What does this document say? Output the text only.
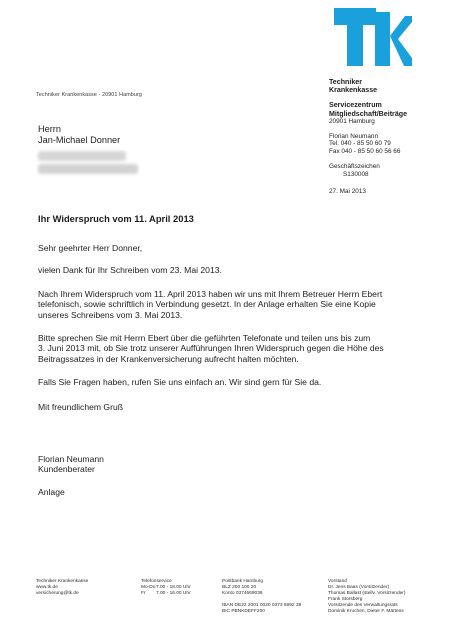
Techniker Krankenkasse · 20901 Hamburg
Herrn
Jan-Michael Donner
Techniker
Krankenkasse
Servicezentrum
Mitgliedschaft/Beiträge
20901 Hamburg
Florian Neumann
Tel. 040 - 85 50 60 79
Fax 040 - 85 50 60 56 66
Geschäftszeichen
S130008
27. Mai 2013
Ihr Widerspruch vom 11. April 2013

Sehr geehrter Herr Donner,

vielen Dank für Ihr Schreiben vom 23. Mai 2013.

Nach Ihrem Widerspruch vom 11. April 2013 haben wir uns mit Ihrem Betreuer Herrn Ebert

telefonisch, sowie schriftlich in Verbindung gesetzt. In der Anlage erhalten Sie eine Kopie

unseres Schreibens vom 3. Mai 2013.

Bitte sprechen Sie mit Herrn Ebert über die geführten Telefonate und teilen uns bis zum

3. Juni 2013 mit, ob Sie trotz unserer Aufführungen Ihren Widerspruch gegen die Höhe des

Beitragssatzes in der Krankenversicherung aufrecht halten möchten.

Falls Sie Fragen haben, rufen Sie uns einfach an. Wir sind gern für Sie da.

Mit freundlichem Gruß

Florian Neumann

Kundenberater

Anlage

Techniker Krankenkasse
www.tk.de
versicherung@tk.de
Telefonservice
Mo-Do 7.00 - 18.00 Uhr
Fr	7.00 - 16.00 Uhr
Postbank Hamburg
BLZ 200 100 20
Konto 0374669036

IBAN DE22 2001 0020 0373 6992 39
BIC PBNKDEFF200
Vorstand
Dr. Jens Baas (Vorsitzender)
Thomas Ballast (stellv. Vorsitzender)
Frank Storsberg
Vorsitzende des Verwaltungsrats
Dominik Kruchen, Dieter F. Märtens
